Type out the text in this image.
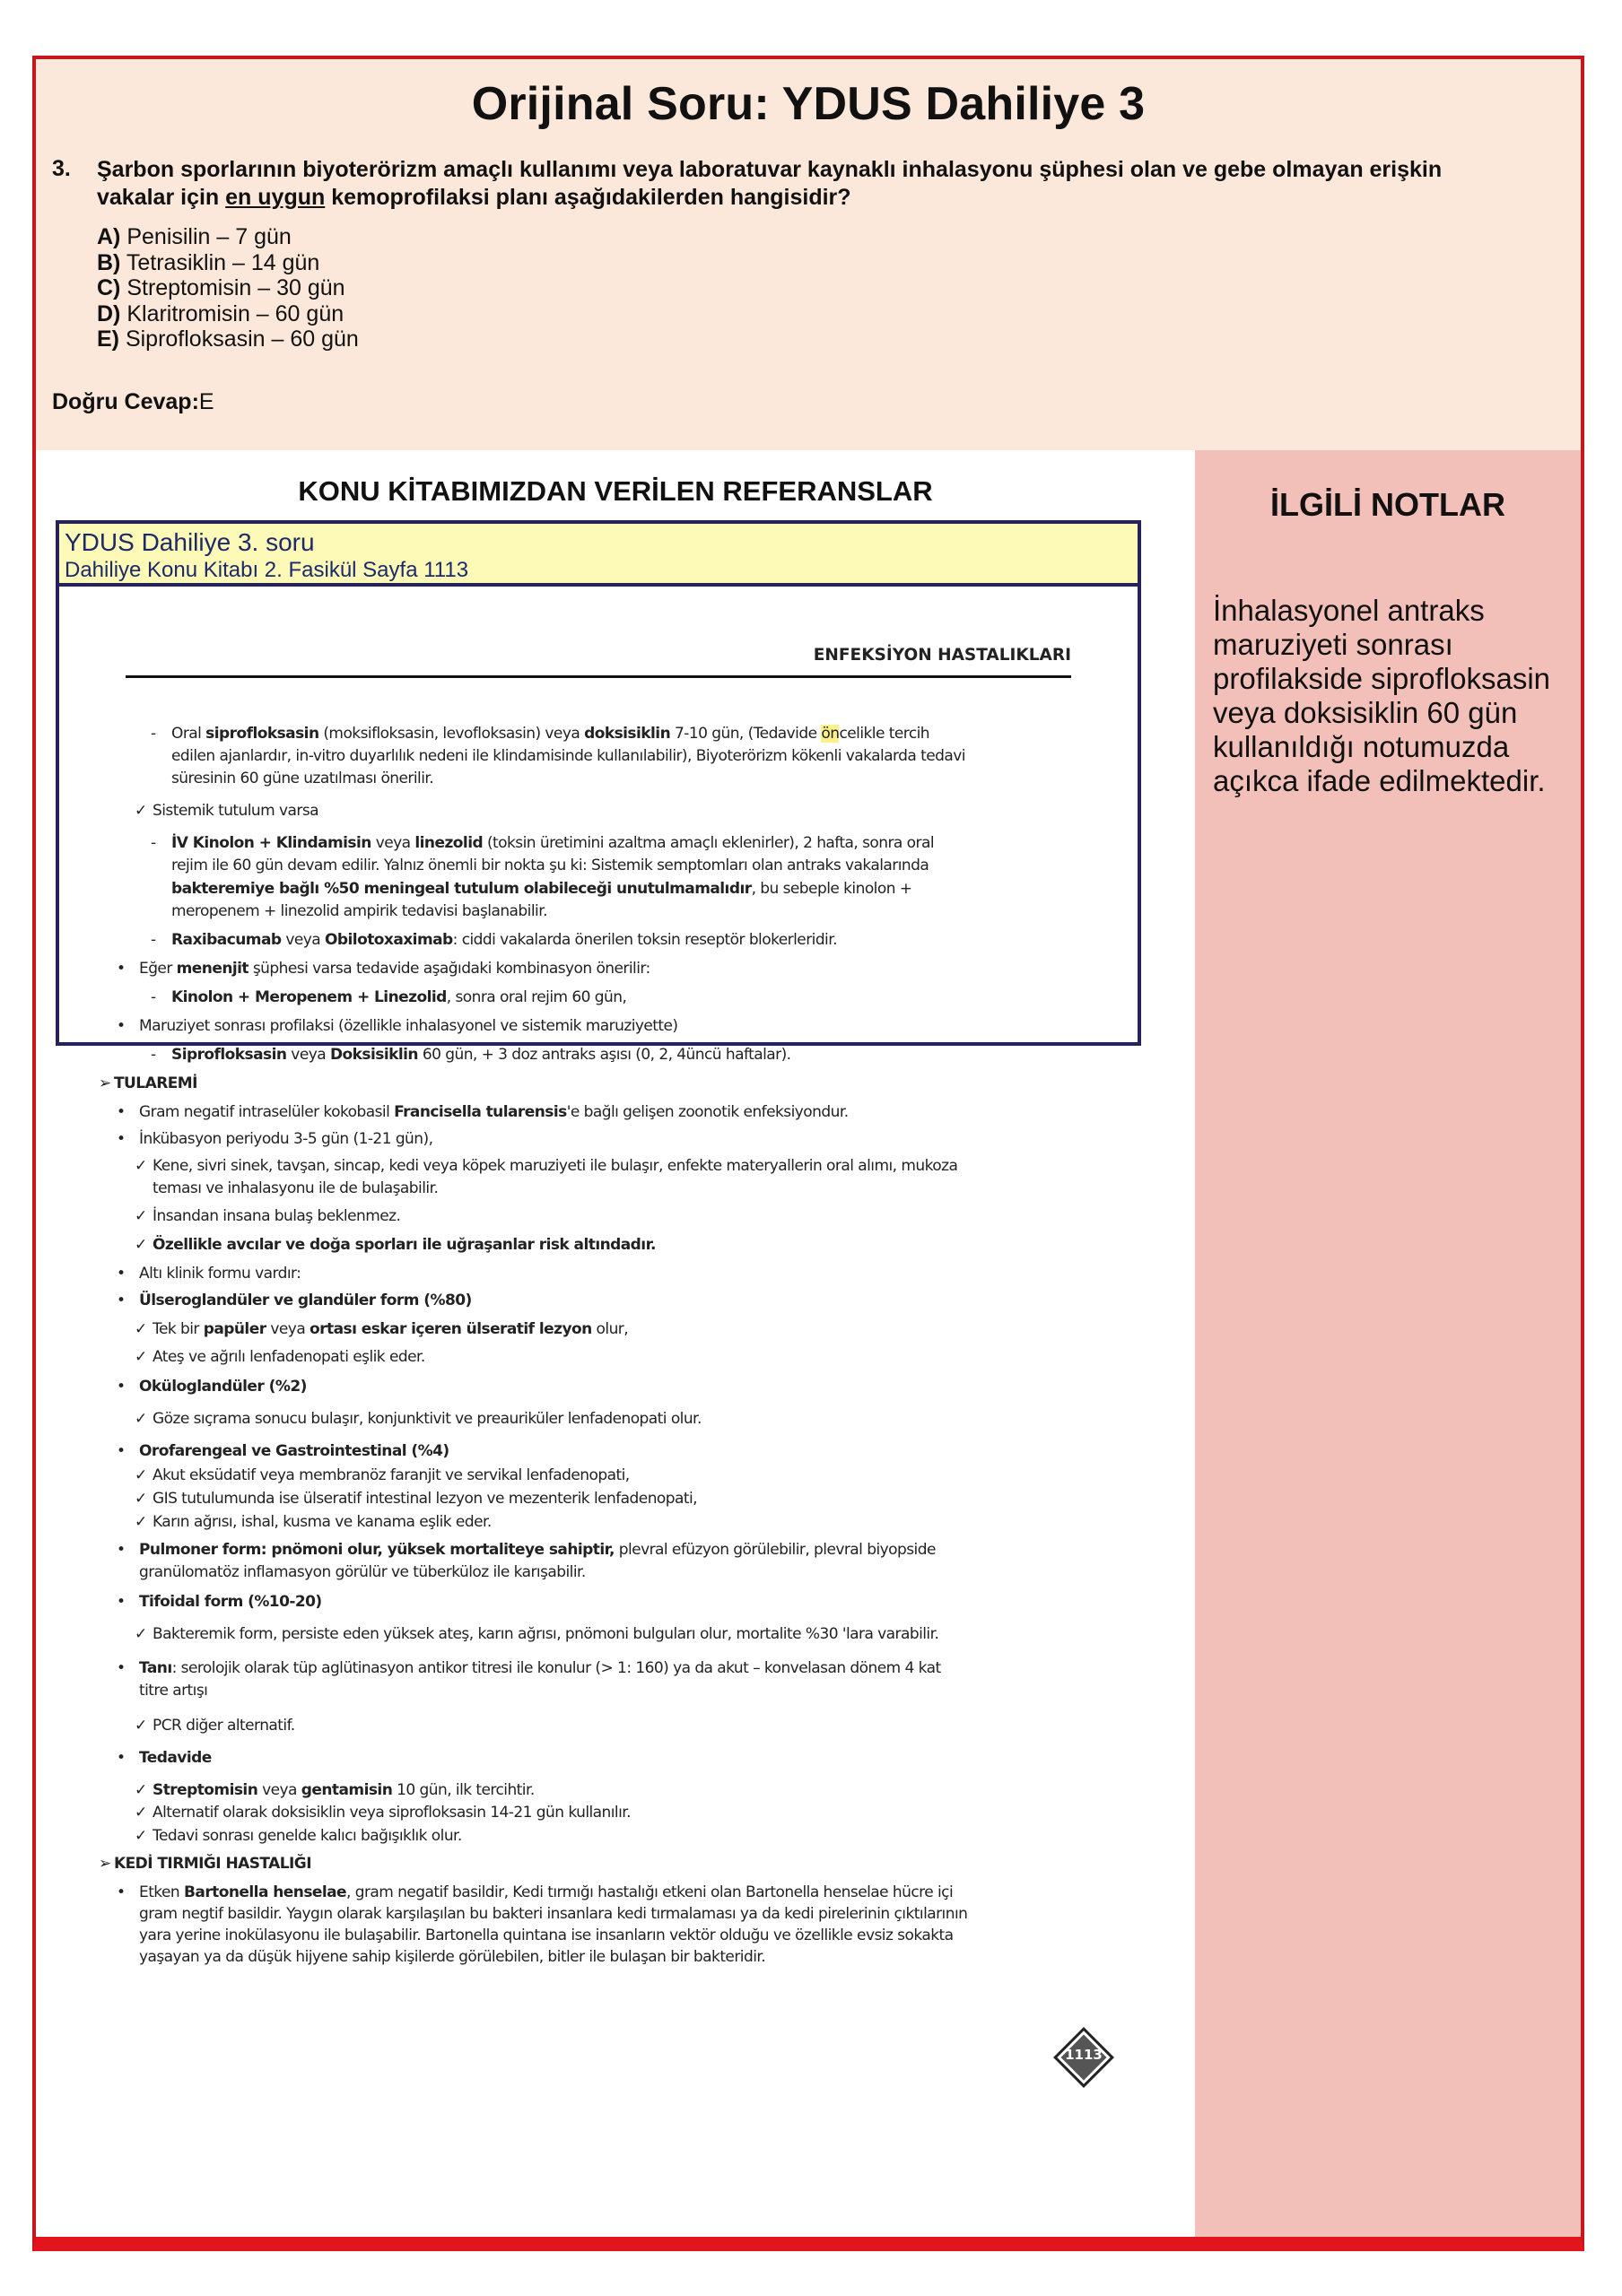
Orijinal Soru: YDUS Dahiliye 3
3. Şarbon sporlarının biyoterörizm amaçlı kullanımı veya laboratuvar kaynaklı inhalasyonu şüphesi olan ve gebe olmayan erişkin vakalar için en uygun kemoprofilaksi planı aşağıdakilerden hangisidir?
A) Penisilin – 7 gün
B) Tetrasiklin – 14 gün
C) Streptomisin – 30 gün
D) Klaritromisin – 60 gün
E) Siprofloksasin – 60 gün
Doğru Cevap:E
KONU KİTABIMIZDAN VERİLEN REFERANSLAR	İLGİLİ NOTLAR
İnhalasyonel antraks maruziyeti sonrası profilakside siprofloksasin veya doksisiklin 60 gün kullanıldığı notumuzda açıkca ifade edilmektedir.
YDUS Dahiliye 3. soru
Dahiliye Konu Kitabı 2. Fasikül Sayfa 1113
ENFEKSİYON HASTALIKLARI
- Oral siprofloksasin (moksifloksasin, levofloksasin) veya doksisiklin 7-10 gün, (Tedavide öncelikle tercih
edilen ajanlardır, in-vitro duyarlılık nedeni ile klindamisinde kullanılabilir), Biyoterörizm kökenli vakalarda tedavi
süresinin 60 güne uzatılması önerilir.
✓ Sistemik tutulum varsa
- İV Kinolon + Klindamisin veya linezolid (toksin üretimini azaltma amaçlı eklenirler), 2 hafta, sonra oral
rejim ile 60 gün devam edilir. Yalnız önemli bir nokta şu ki: Sistemik semptomları olan antraks vakalarında
bakteremiye bağlı %50 meningeal tutulum olabileceği unutulmamalıdır, bu sebeple kinolon +
meropenem + linezolid ampirik tedavisi başlanabilir.
- Raxibacumab veya Obilotoxaximab: ciddi vakalarda önerilen toksin reseptör blokerleridir.
• Eğer menenjit şüphesi varsa tedavide aşağıdaki kombinasyon önerilir:
- Kinolon + Meropenem + Linezolid, sonra oral rejim 60 gün,
• Maruziyet sonrası profilaksi (özellikle inhalasyonel ve sistemik maruziyette)
- Siprofloksasin veya Doksisiklin 60 gün, + 3 doz antraks aşısı (0, 2, 4üncü haftalar).
➢ TULAREMİ
• Gram negatif intraselüler kokobasil Francisella tularensis'e bağlı gelişen zoonotik enfeksiyondur.
• İnkübasyon periyodu 3-5 gün (1-21 gün),
✓ Kene, sivri sinek, tavşan, sincap, kedi veya köpek maruziyeti ile bulaşır, enfekte materyallerin oral alımı, mukoza
teması ve inhalasyonu ile de bulaşabilir.
✓ İnsandan insana bulaş beklenmez.
✓ Özellikle avcılar ve doğa sporları ile uğraşanlar risk altındadır.
• Altı klinik formu vardır:
• Ülseroglandüler ve glandüler form (%80)
✓ Tek bir papüler veya ortası eskar içeren ülseratif lezyon olur,
✓ Ateş ve ağrılı lenfadenopati eşlik eder.
• Okülоglandüler (%2)
✓ Göze sıçrama sonucu bulaşır, konjunktivit ve preauriküler lenfadenopati olur.
• Orofarengeal ve Gastrointestinal (%4)
✓ Akut eksüdatif veya membranöz faranjit ve servikal lenfadenopati,
✓ GIS tutulumunda ise ülseratif intestinal lezyon ve mezenterik lenfadenopati,
✓ Karın ağrısı, ishal, kusma ve kanama eşlik eder.
• Pulmoner form: pnömoni olur, yüksek mortaliteye sahiptir, plevral efüzyon görülebilir, plevral biyopside
granülomatöz inflamasyon görülür ve tüberküloz ile karışabilir.
• Tifoidal form (%10-20)
✓ Bakteremik form, persiste eden yüksek ateş, karın ağrısı, pnömoni bulguları olur, mortalite %30 'lara varabilir.
• Tanı: serolojik olarak tüp aglütinasyon antikor titresi ile konulur (> 1: 160) ya da akut – konvelasan dönem 4 kat
titre artışı
✓ PCR diğer alternatif.
• Tedavide
✓ Streptomisin veya gentamisin 10 gün, ilk tercihtir.
✓ Alternatif olarak doksisiklin veya siprofloksasin 14-21 gün kullanılır.
✓ Tedavi sonrası genelde kalıcı bağışıklık olur.
➢ KEDİ TIRMIĞI HASTALIĞI
• Etken Bartonella henselae, gram negatif basildir, Kedi tırmığı hastalığı etkeni olan Bartonella henselae hücre içi
gram negtif basildir. Yaygın olarak karşılaşılan bu bakteri insanlara kedi tırmalaması ya da kedi pirelerinin çıktılarının
yara yerine inokülasyonu ile bulaşabilir. Bartonella quintana ise insanların vektör olduğu ve özellikle evsiz sokakta
yaşayan ya da düşük hijyene sahip kişilerde görülebilen, bitler ile bulaşan bir bakteridir.
1113
